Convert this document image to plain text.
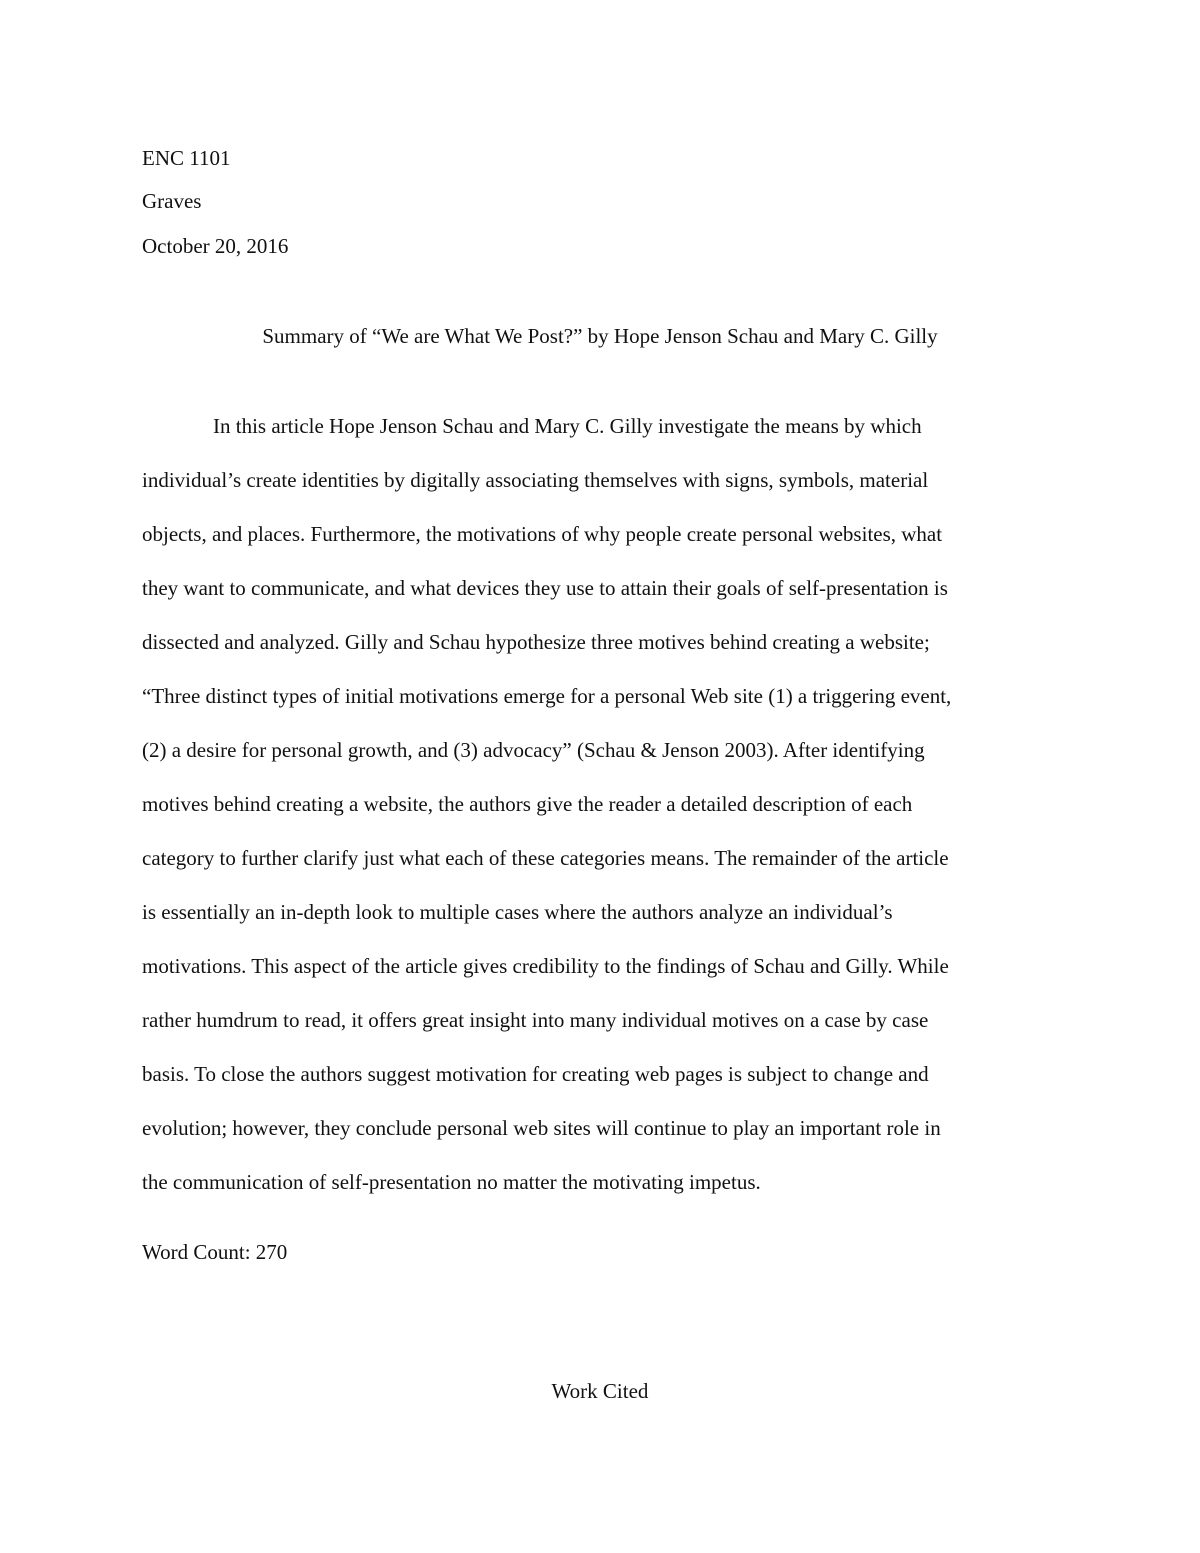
ENC 1101
Graves
October 20, 2016
Summary of “We are What We Post?” by Hope Jenson Schau and Mary C. Gilly
In this article Hope Jenson Schau and Mary C. Gilly investigate the means by which
individual’s create identities by digitally associating themselves with signs, symbols, material
objects, and places. Furthermore, the motivations of why people create personal websites, what
they want to communicate, and what devices they use to attain their goals of self-presentation is
dissected and analyzed. Gilly and Schau hypothesize three motives behind creating a website;
“Three distinct types of initial motivations emerge for a personal Web site (1) a triggering event,
(2) a desire for personal growth, and (3) advocacy” (Schau & Jenson 2003). After identifying
motives behind creating a website, the authors give the reader a detailed description of each
category to further clarify just what each of these categories means. The remainder of the article
is essentially an in-depth look to multiple cases where the authors analyze an individual’s
motivations. This aspect of the article gives credibility to the findings of Schau and Gilly. While
rather humdrum to read, it offers great insight into many individual motives on a case by case
basis. To close the authors suggest motivation for creating web pages is subject to change and
evolution; however, they conclude personal web sites will continue to play an important role in
the communication of self-presentation no matter the motivating impetus.
Word Count: 270
Work Cited
